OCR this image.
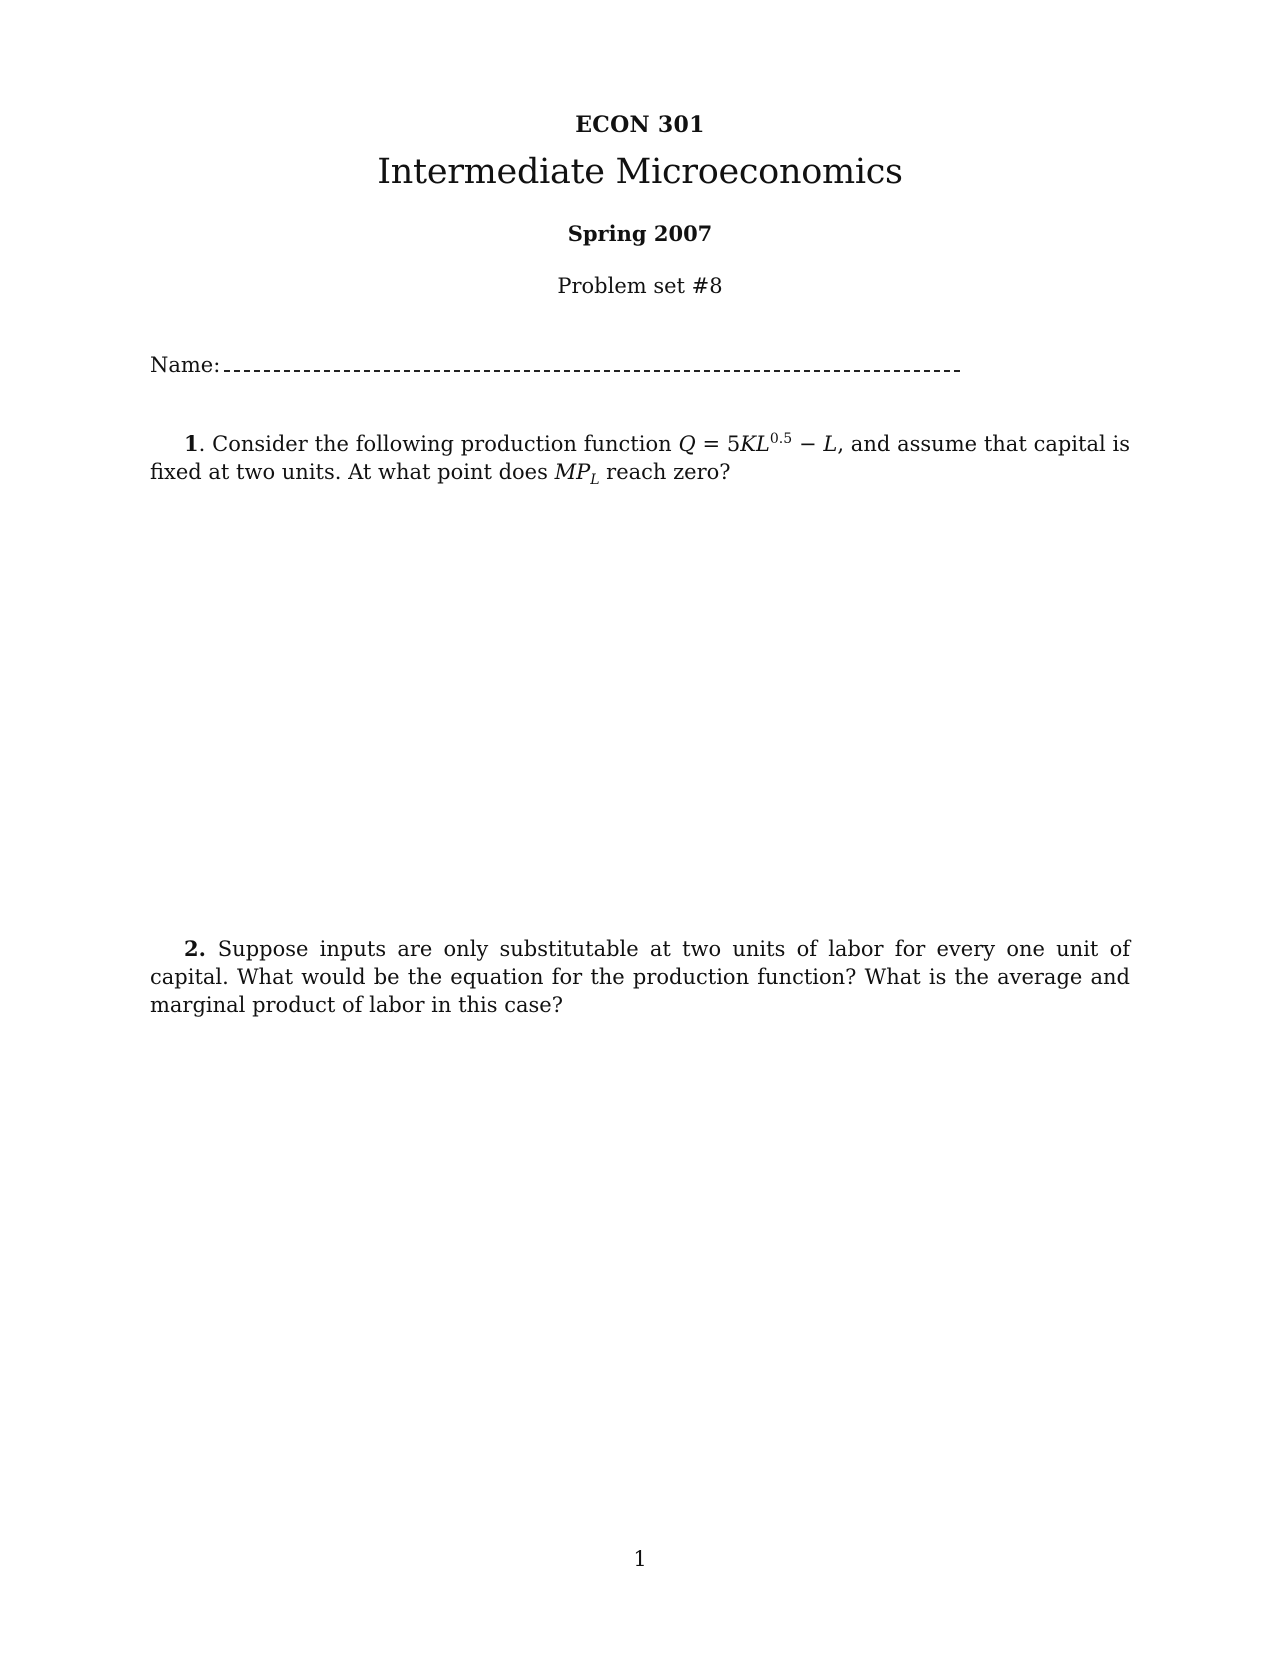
ECON 301
Intermediate Microeconomics
Spring 2007
Problem set #8
Name:
1. Consider the following production function $Q = 5KL^{0.5} - L$, and assume that capital is fixed at two units. At what point does $MP_L$ reach zero?
2. Suppose inputs are only substitutable at two units of labor for every one unit of capital. What would be the equation for the production function? What is the average and marginal product of labor in this case?
1
